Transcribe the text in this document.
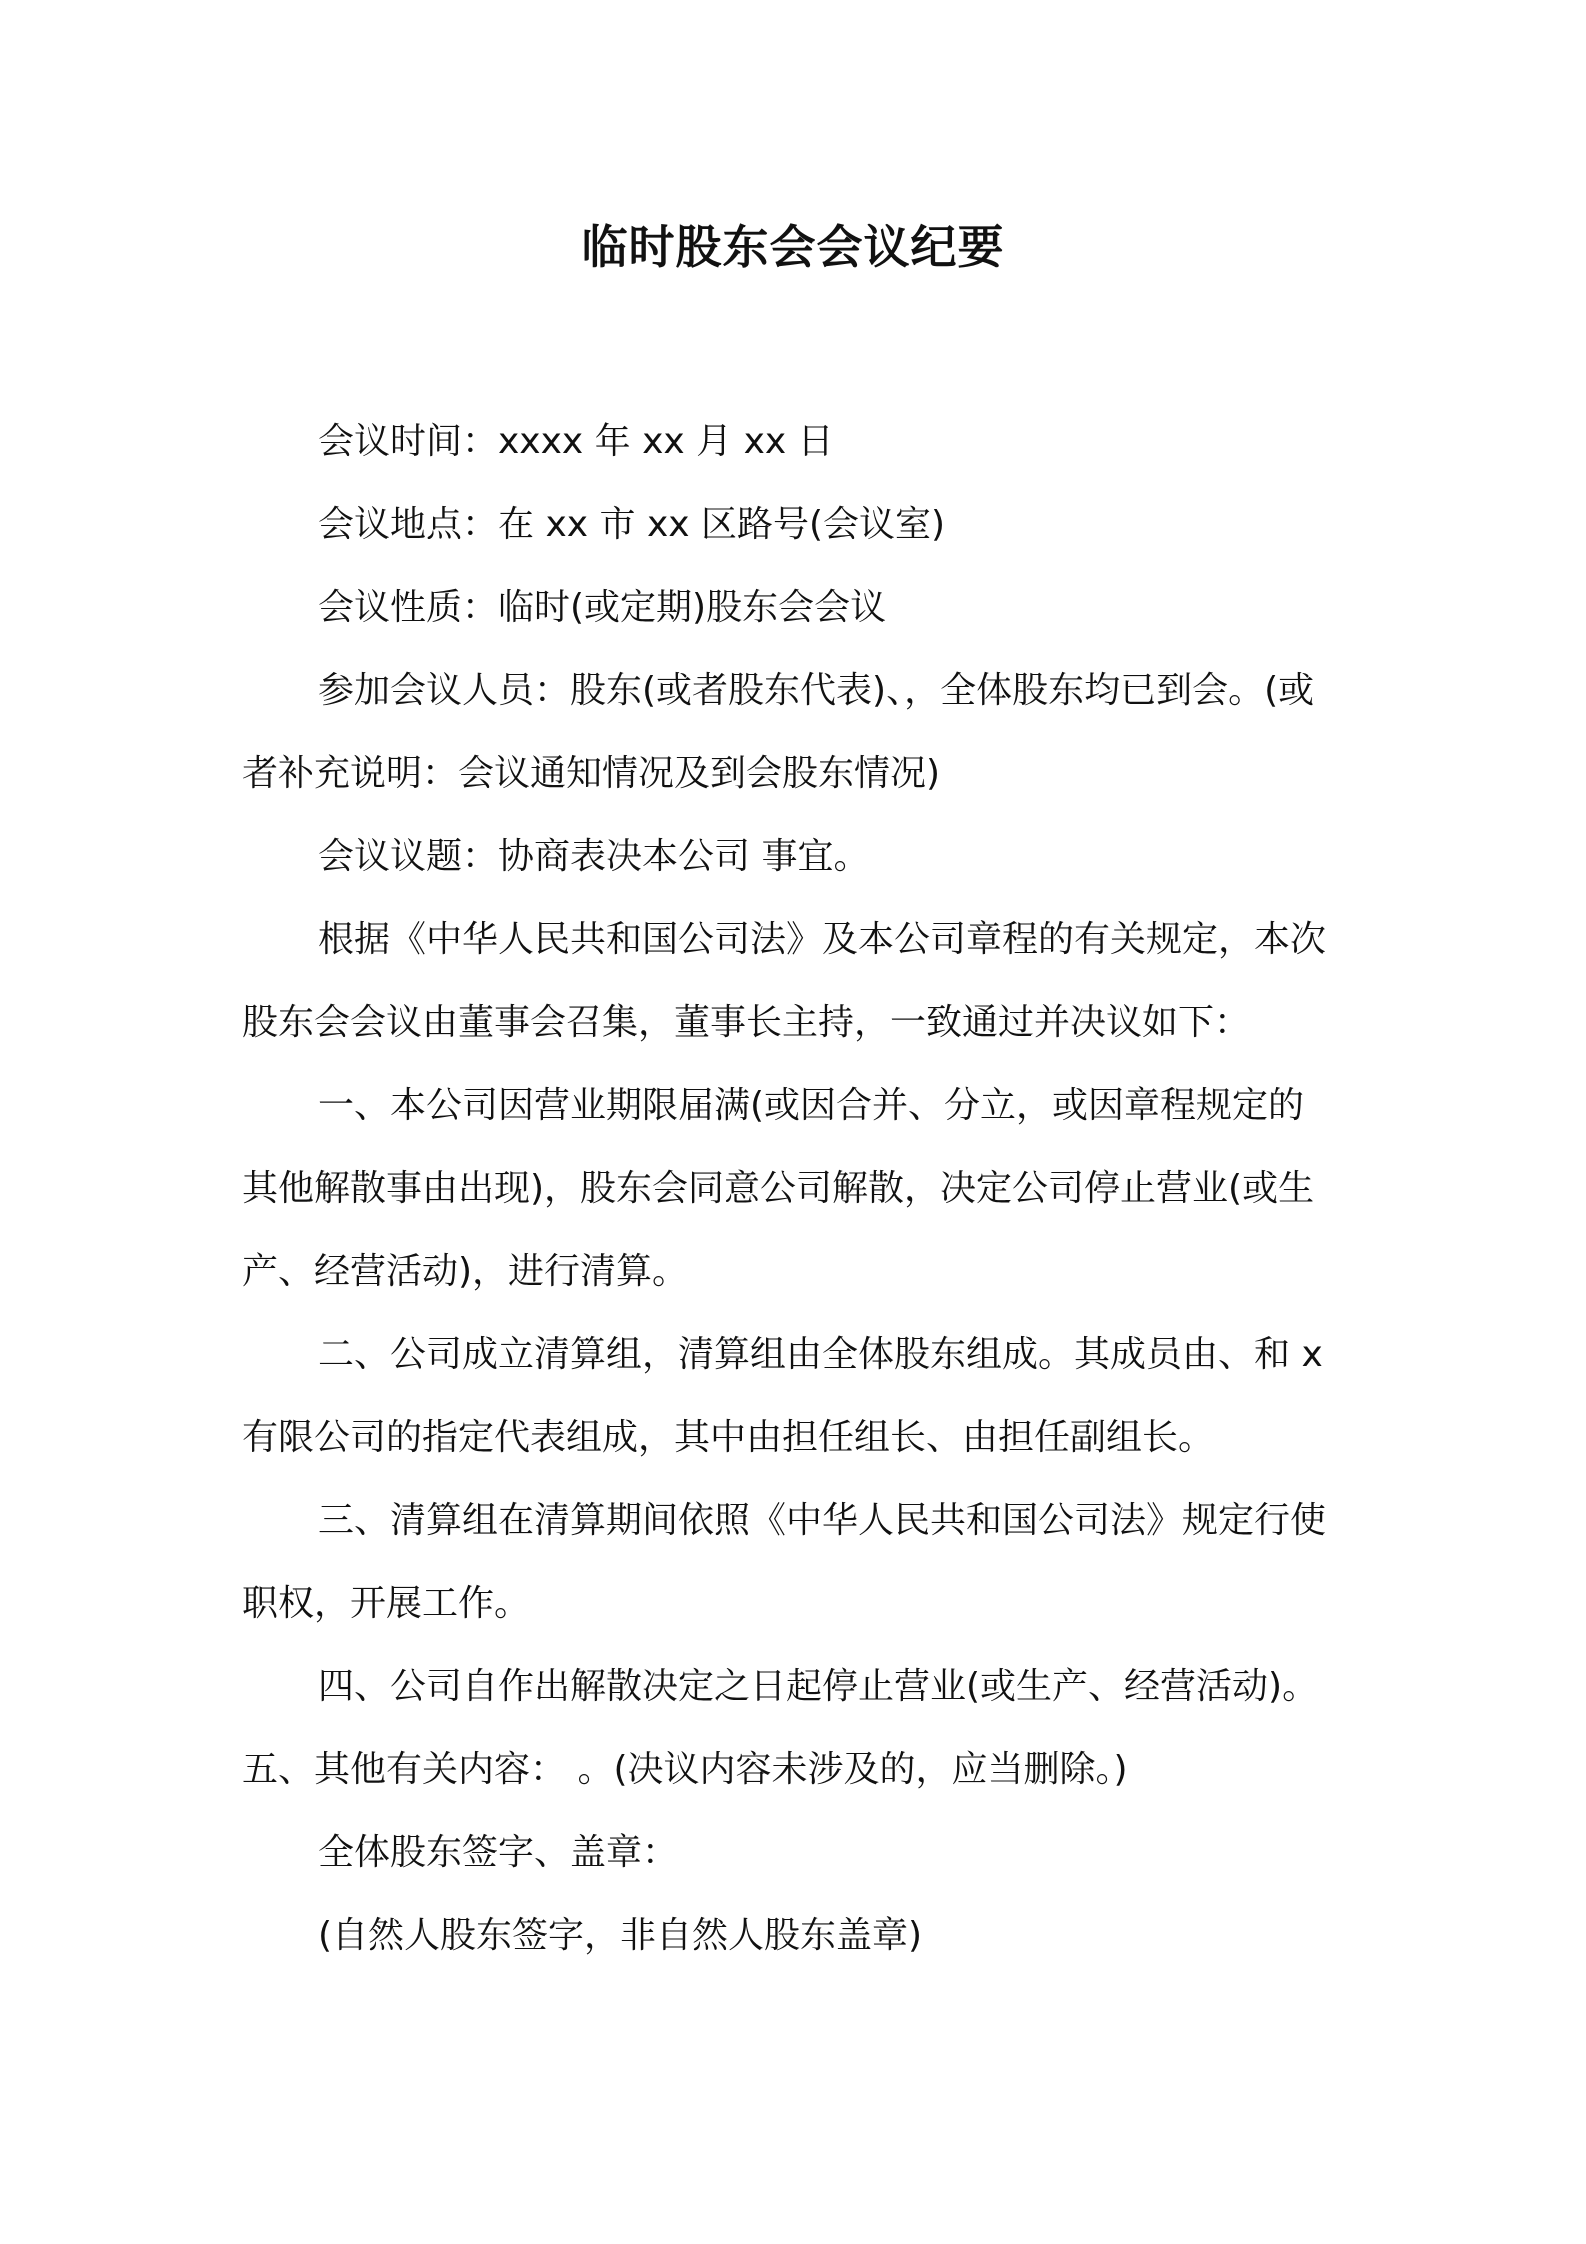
临时股东会会议纪要
会议时间：xxxx 年 xx 月 xx 日
会议地点：在 xx 市 xx 区路号(会议室)
会议性质：临时(或定期)股东会会议
参加会议人员：股东(或者股东代表)、，全体股东均已到会。(或
者补充说明：会议通知情况及到会股东情况)
会议议题：协商表决本公司 事宜。
根据《中华人民共和国公司法》及本公司章程的有关规定，本次
股东会会议由董事会召集，董事长主持，一致通过并决议如下：
一、本公司因营业期限届满(或因合并、分立，或因章程规定的
其他解散事由出现)，股东会同意公司解散，决定公司停止营业(或生
产、经营活动)，进行清算。
二、公司成立清算组，清算组由全体股东组成。其成员由、和 x
有限公司的指定代表组成，其中由担任组长、由担任副组长。
三、清算组在清算期间依照《中华人民共和国公司法》规定行使
职权，开展工作。
四、公司自作出解散决定之日起停止营业(或生产、经营活动)。
五、其他有关内容： 。(决议内容未涉及的，应当删除。)
全体股东签字、盖章：
(自然人股东签字，非自然人股东盖章)
